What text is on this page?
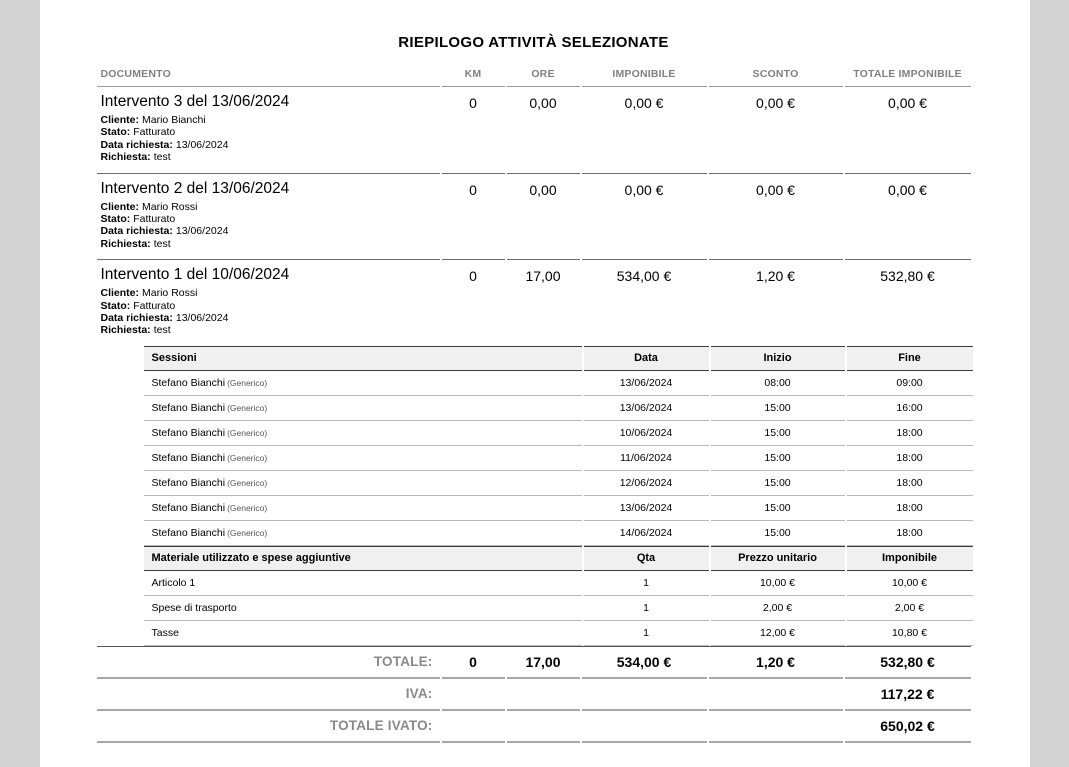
RIEPILOGO ATTIVITÀ SELEZIONATE
DOCUMENTO	KM	ORE	IMPONIBILE	SCONTO	TOTALE IMPONIBILE

Intervento 3 del 13/06/2024
Cliente: Mario Bianchi
Stato: Fatturato
Data richiesta: 13/06/2024
Richiesta: test
	0	0,00	0,00 €	0,00 €	0,00 €

Intervento 2 del 13/06/2024
Cliente: Mario Rossi
Stato: Fatturato
Data richiesta: 13/06/2024
Richiesta: test
	0	0,00	0,00 €	0,00 €	0,00 €

Intervento 1 del 10/06/2024
Cliente: Mario Rossi
Stato: Fatturato
Data richiesta: 13/06/2024
Richiesta: test
	0	17,00	534,00 €	1,20 €	532,80 €

Sessioni	Data	Inizio	Fine
Stefano Bianchi (Generico)	13/06/2024	08:00	09:00
Stefano Bianchi (Generico)	13/06/2024	15:00	16:00
Stefano Bianchi (Generico)	10/06/2024	15:00	18:00
Stefano Bianchi (Generico)	11/06/2024	15:00	18:00
Stefano Bianchi (Generico)	12/06/2024	15:00	18:00
Stefano Bianchi (Generico)	13/06/2024	15:00	18:00
Stefano Bianchi (Generico)	14/06/2024	15:00	18:00
Materiale utilizzato e spese aggiuntive	Qta	Prezzo unitario	Imponibile
Articolo 1	1	10,00 €	10,00 €
Spese di trasporto	1	2,00 €	2,00 €
Tasse	1	12,00 €	10,80 €

TOTALE:	0	17,00	534,00 €	1,20 €	532,80 €
IVA:					117,22 €
TOTALE IVATO:					650,02 €
